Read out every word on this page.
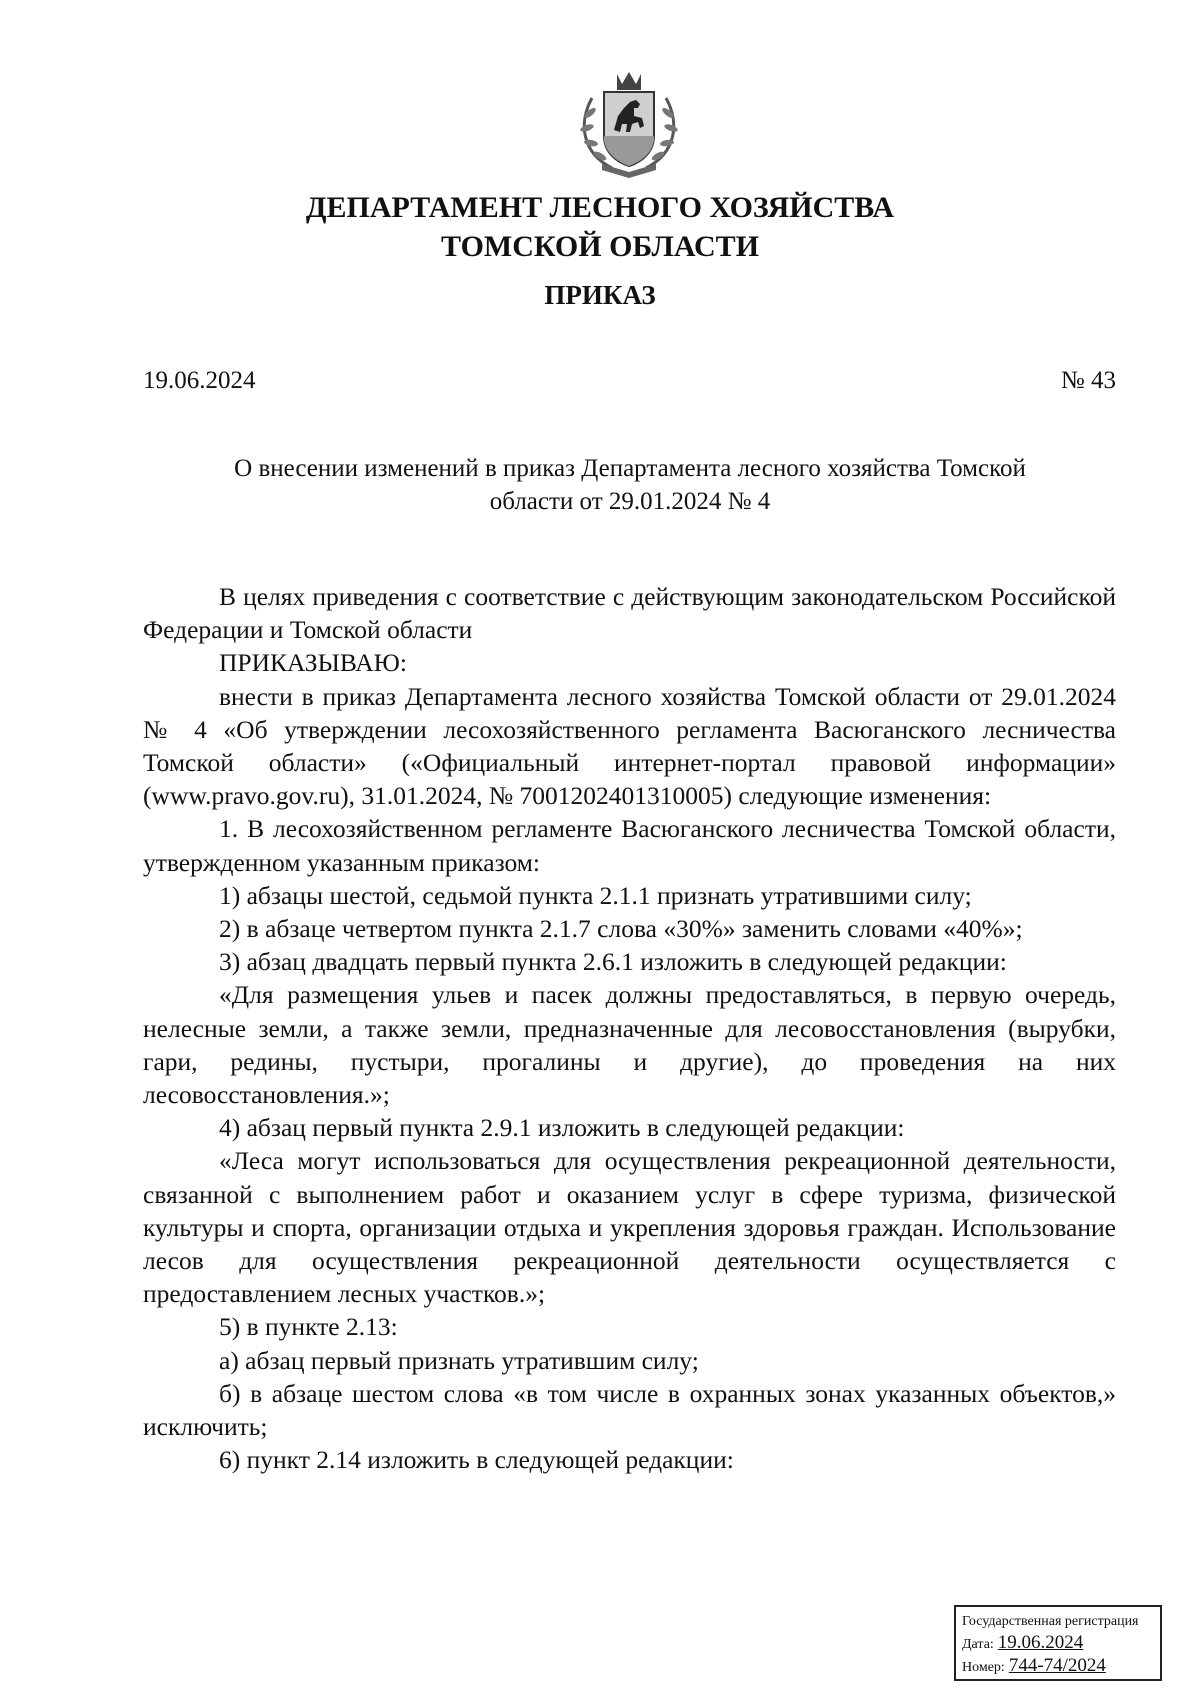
ДЕПАРТАМЕНТ ЛЕСНОГО ХОЗЯЙСТВА
ТОМСКОЙ ОБЛАСТИ
ПРИКАЗ
19.06.2024	№ 43
О внесении изменений в приказ Департамента лесного хозяйства Томской
области от 29.01.2024 № 4

В целях приведения с соответствие с действующим законодательском Российской Федерации и Томской области

ПРИКАЗЫВАЮ:

внести в приказ Департамента лесного хозяйства Томской области от 29.01.2024 № 4 «Об утверждении лесохозяйственного регламента Васюганского лесничества Томской области» («Официальный интернет-портал правовой информации» (www.pravo.gov.ru), 31.01.2024, № 7001202401310005) следующие изменения:

1. В лесохозяйственном регламенте Васюганского лесничества Томской области, утвержденном указанным приказом:

1) абзацы шестой, седьмой пункта 2.1.1 признать утратившими силу;

2) в абзаце четвертом пункта 2.1.7 слова «30%» заменить словами «40%»;

3) абзац двадцать первый пункта 2.6.1 изложить в следующей редакции:

«Для размещения ульев и пасек должны предоставляться, в первую очередь, нелесные земли, а также земли, предназначенные для лесовосстановления (вырубки, гари, редины, пустыри, прогалины и другие), до проведения на них лесовосстановления.»;

4) абзац первый пункта 2.9.1 изложить в следующей редакции:

«Леса могут использоваться для осуществления рекреационной деятельности, связанной с выполнением работ и оказанием услуг в сфере туризма, физической культуры и спорта, организации отдыха и укрепления здоровья граждан. Использование лесов для осуществления рекреационной деятельности осуществляется с предоставлением лесных участков.»;

5) в пункте 2.13:

а) абзац первый признать утратившим силу;

б) в абзаце шестом слова «в том числе в охранных зонах указанных объектов,» исключить;

6) пункт 2.14 изложить в следующей редакции:

Государственная регистрация
Дата: 19.06.2024
Номер: 744-74/2024
